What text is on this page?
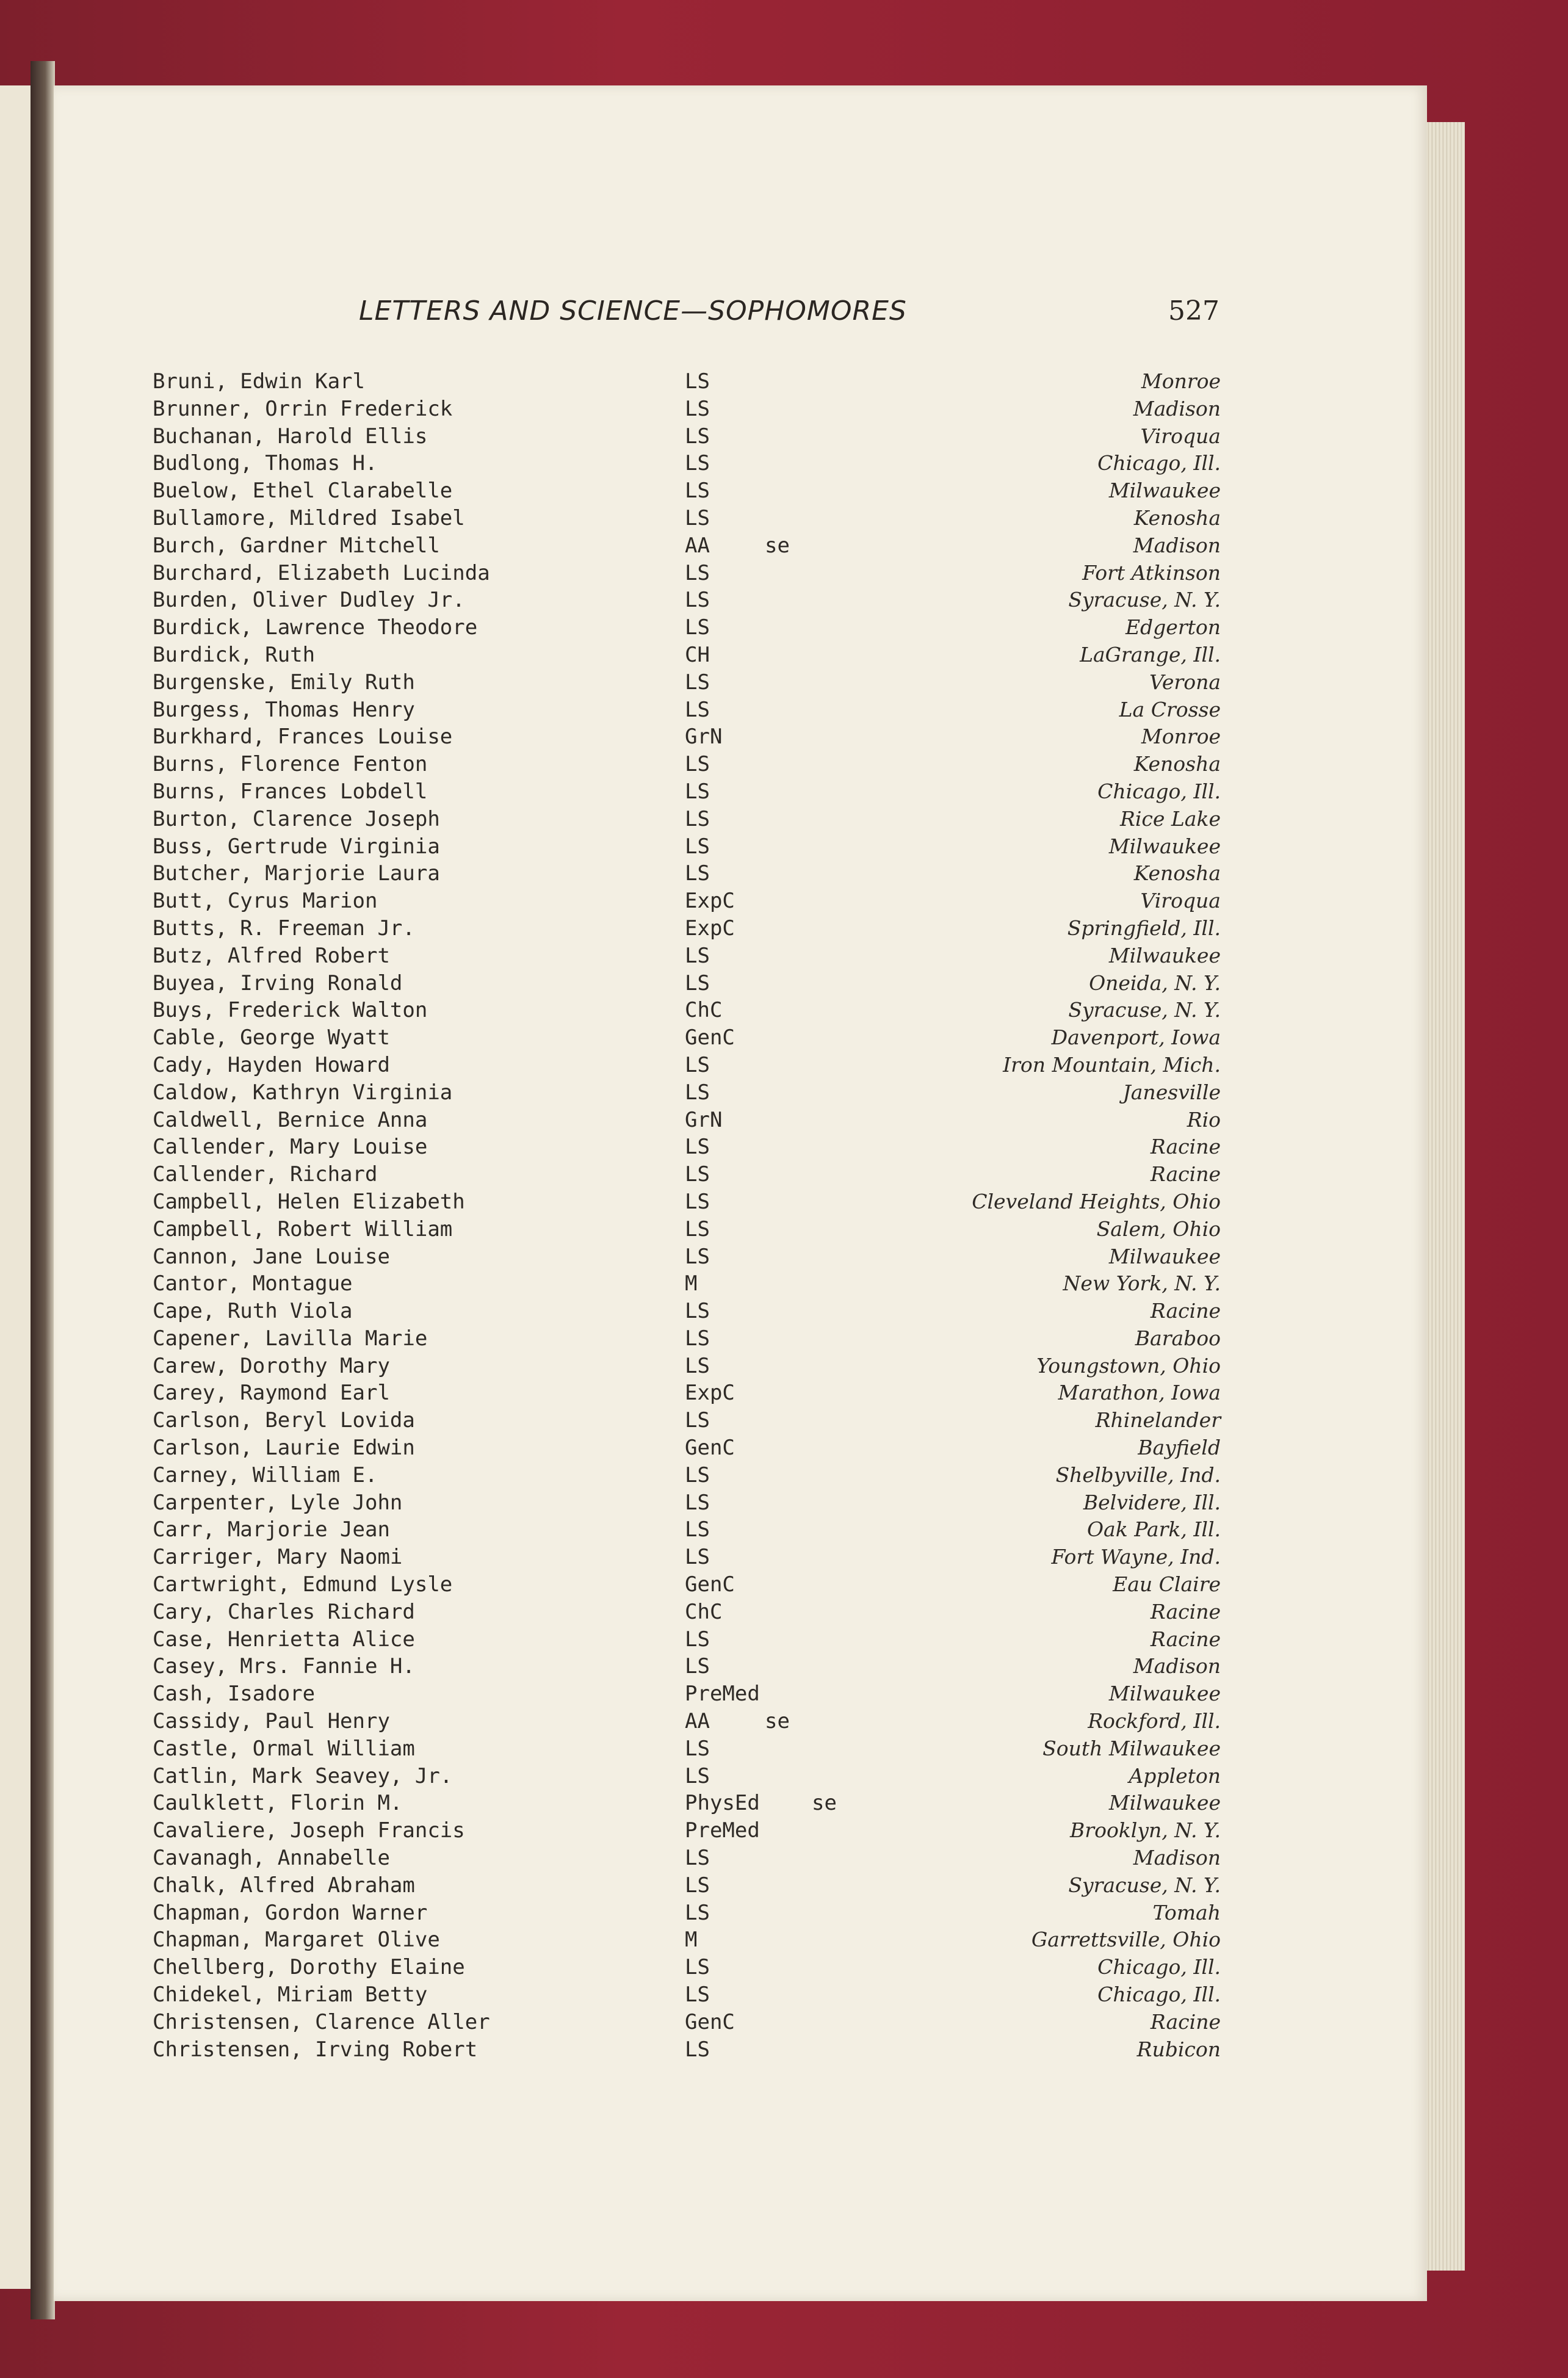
LETTERS AND SCIENCE—SOPHOMORES	527
Bruni, Edwin Karl	LS	Monroe
Brunner, Orrin Frederick	LS	Madison
Buchanan, Harold Ellis	LS	Viroqua
Budlong, Thomas H.	LS	Chicago, Ill.
Buelow, Ethel Clarabelle	LS	Milwaukee
Bullamore, Mildred Isabel	LS	Kenosha
Burch, Gardner Mitchell	AA	se	Madison
Burchard, Elizabeth Lucinda	LS	Fort Atkinson
Burden, Oliver Dudley Jr.	LS	Syracuse, N. Y.
Burdick, Lawrence Theodore	LS	Edgerton
Burdick, Ruth	CH	LaGrange, Ill.
Burgenske, Emily Ruth	LS	Verona
Burgess, Thomas Henry	LS	La Crosse
Burkhard, Frances Louise	GrN	Monroe
Burns, Florence Fenton	LS	Kenosha
Burns, Frances Lobdell	LS	Chicago, Ill.
Burton, Clarence Joseph	LS	Rice Lake
Buss, Gertrude Virginia	LS	Milwaukee
Butcher, Marjorie Laura	LS	Kenosha
Butt, Cyrus Marion	ExpC	Viroqua
Butts, R. Freeman Jr.	ExpC	Springfield, Ill.
Butz, Alfred Robert	LS	Milwaukee
Buyea, Irving Ronald	LS	Oneida, N. Y.
Buys, Frederick Walton	ChC	Syracuse, N. Y.
Cable, George Wyatt	GenC	Davenport, Iowa
Cady, Hayden Howard	LS	Iron Mountain, Mich.
Caldow, Kathryn Virginia	LS	Janesville
Caldwell, Bernice Anna	GrN	Rio
Callender, Mary Louise	LS	Racine
Callender, Richard	LS	Racine
Campbell, Helen Elizabeth	LS	Cleveland Heights, Ohio
Campbell, Robert William	LS	Salem, Ohio
Cannon, Jane Louise	LS	Milwaukee
Cantor, Montague	M	New York, N. Y.
Cape, Ruth Viola	LS	Racine
Capener, Lavilla Marie	LS	Baraboo
Carew, Dorothy Mary	LS	Youngstown, Ohio
Carey, Raymond Earl	ExpC	Marathon, Iowa
Carlson, Beryl Lovida	LS	Rhinelander
Carlson, Laurie Edwin	GenC	Bayfield
Carney, William E.	LS	Shelbyville, Ind.
Carpenter, Lyle John	LS	Belvidere, Ill.
Carr, Marjorie Jean	LS	Oak Park, Ill.
Carriger, Mary Naomi	LS	Fort Wayne, Ind.
Cartwright, Edmund Lysle	GenC	Eau Claire
Cary, Charles Richard	ChC	Racine
Case, Henrietta Alice	LS	Racine
Casey, Mrs. Fannie H.	LS	Madison
Cash, Isadore	PreMed	Milwaukee
Cassidy, Paul Henry	AA	se	Rockford, Ill.
Castle, Ormal William	LS	South Milwaukee
Catlin, Mark Seavey, Jr.	LS	Appleton
Caulklett, Florin M.	PhysEd	se	Milwaukee
Cavaliere, Joseph Francis	PreMed	Brooklyn, N. Y.
Cavanagh, Annabelle	LS	Madison
Chalk, Alfred Abraham	LS	Syracuse, N. Y.
Chapman, Gordon Warner	LS	Tomah
Chapman, Margaret Olive	M	Garrettsville, Ohio
Chellberg, Dorothy Elaine	LS	Chicago, Ill.
Chidekel, Miriam Betty	LS	Chicago, Ill.
Christensen, Clarence Aller	GenC	Racine
Christensen, Irving Robert	LS	Rubicon
